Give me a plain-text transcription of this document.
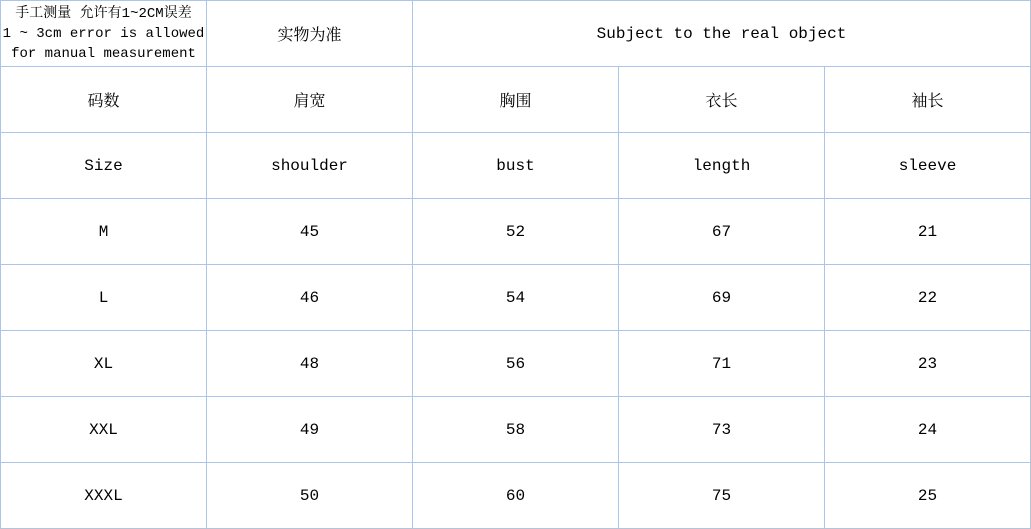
手工测量 允许有1~2CM误差
1 ~ 3cm error is allowed
for manual measurement	实物为准	Subject to the real object		
码数	肩宽	胸围	衣长	袖长
Size	shoulder	bust	length	sleeve
M	45	52	67	21
L	46	54	69	22
XL	48	56	71	23
XXL	49	58	73	24
XXXL	50	60	75	25
